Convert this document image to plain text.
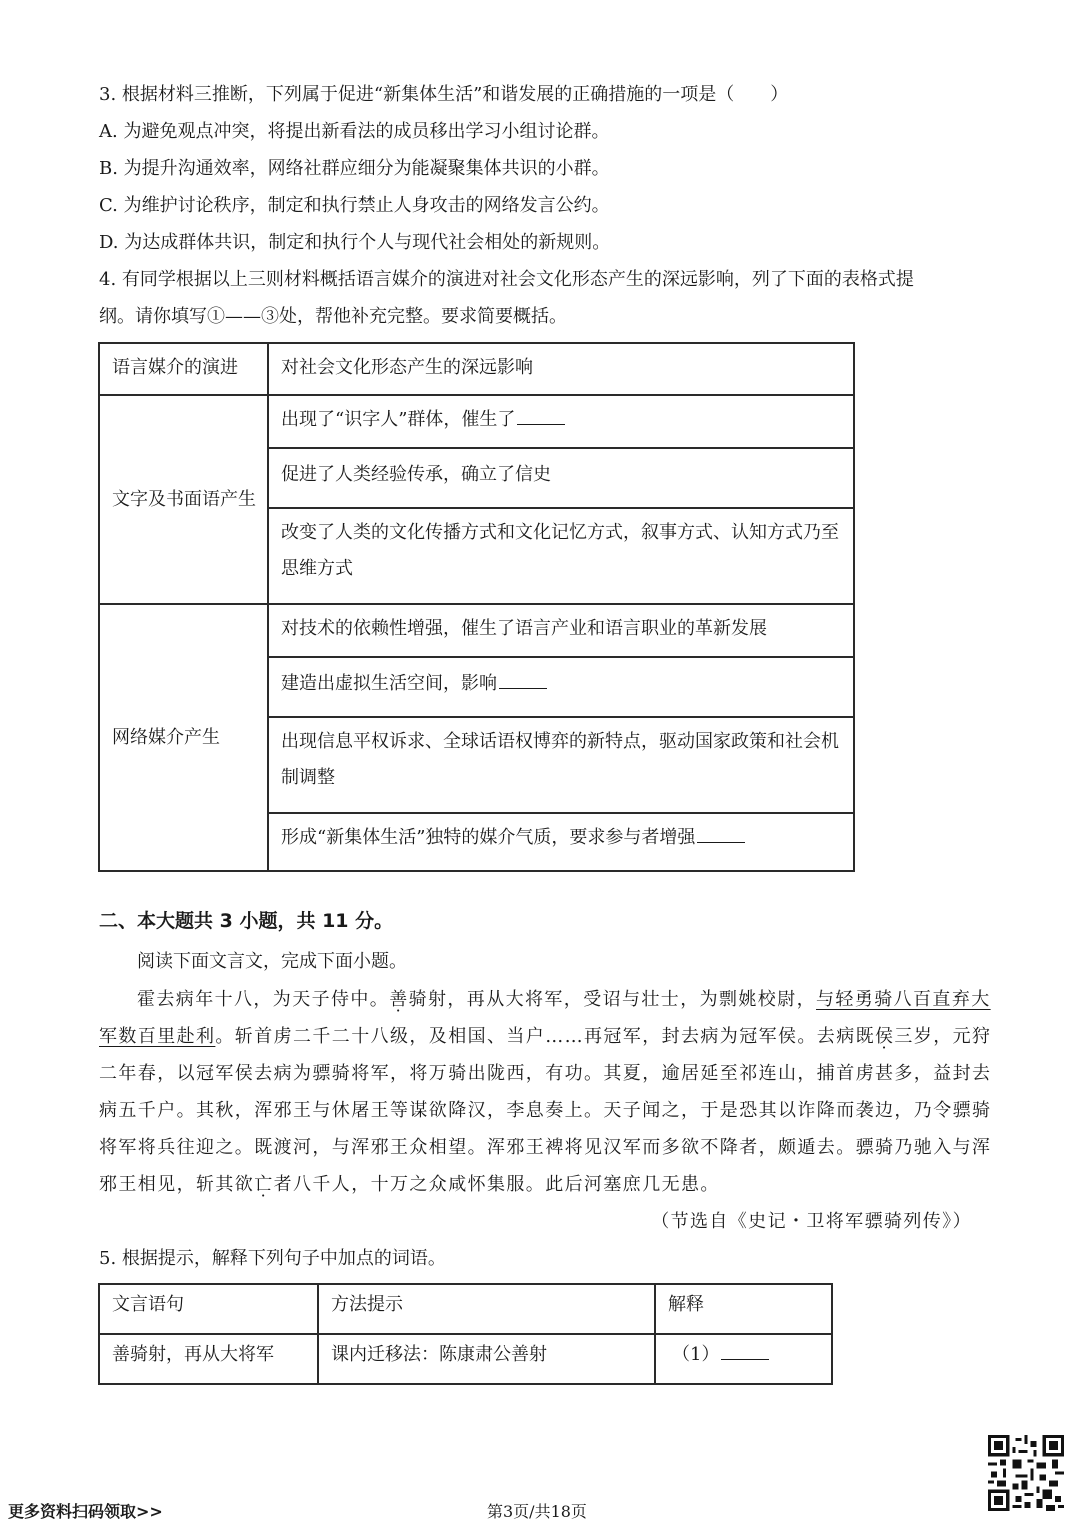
3. 根据材料三推断，下列属于促进“新集体生活”和谐发展的正确措施的一项是（　　）
A. 为避免观点冲突，将提出新看法的成员移出学习小组讨论群。
B. 为提升沟通效率，网络社群应细分为能凝聚集体共识的小群。
C. 为维护讨论秩序，制定和执行禁止人身攻击的网络发言公约。
D. 为达成群体共识，制定和执行个人与现代社会相处的新规则。
4. 有同学根据以上三则材料概括语言媒介的演进对社会文化形态产生的深远影响，列了下面的表格式提
纲。请你填写①——③处，帮他补充完整。要求简要概括。
语言媒介的演进	对社会文化形态产生的深远影响
文字及书面语产生	出现了“识字人”群体，催生了
	促进了人类经验传承，确立了信史
	改变了人类的文化传播方式和文化记忆方式，叙事方式、认知方式乃至思维方式
网络媒介产生	对技术的依赖性增强，催生了语言产业和语言职业的革新发展
	建造出虚拟生活空间，影响
	出现信息平权诉求、全球话语权博弈的新特点，驱动国家政策和社会机制调整
	形成“新集体生活”独特的媒介气质，要求参与者增强
二、本大题共 3 小题，共 11 分。
阅读下面文言文，完成下面小题。
霍去病年十八，为天子侍中。善骑射，再从大将军，受诏与壮士，为剽姚校尉，与轻勇骑八百直弃大
军数百里赴利。斩首虏二千二十八级，及相国、当户……再冠军，封去病为冠军侯。去病既侯三岁，元狩
二年春，以冠军侯去病为骠骑将军，将万骑出陇西，有功。其夏，逾居延至祁连山，捕首虏甚多，益封去
病五千户。其秋，浑邪王与休屠王等谋欲降汉，李息奏上。天子闻之，于是恐其以诈降而袭边，乃令骠骑
将军将兵往迎之。既渡河，与浑邪王众相望。浑邪王裨将见汉军而多欲不降者，颇遁去。骠骑乃驰入与浑
邪王相见，斩其欲亡者八千人，十万之众咸怀集服。此后河塞庶几无患。
（节选自《史记・卫将军骠骑列传》）
5. 根据提示，解释下列句子中加点的词语。
文言语句	方法提示	解释
善 ·骑射，再从大将军	课内迁移法：陈康肃公善射	（1）
更多资料扫码领取>>	第3页/共18页
